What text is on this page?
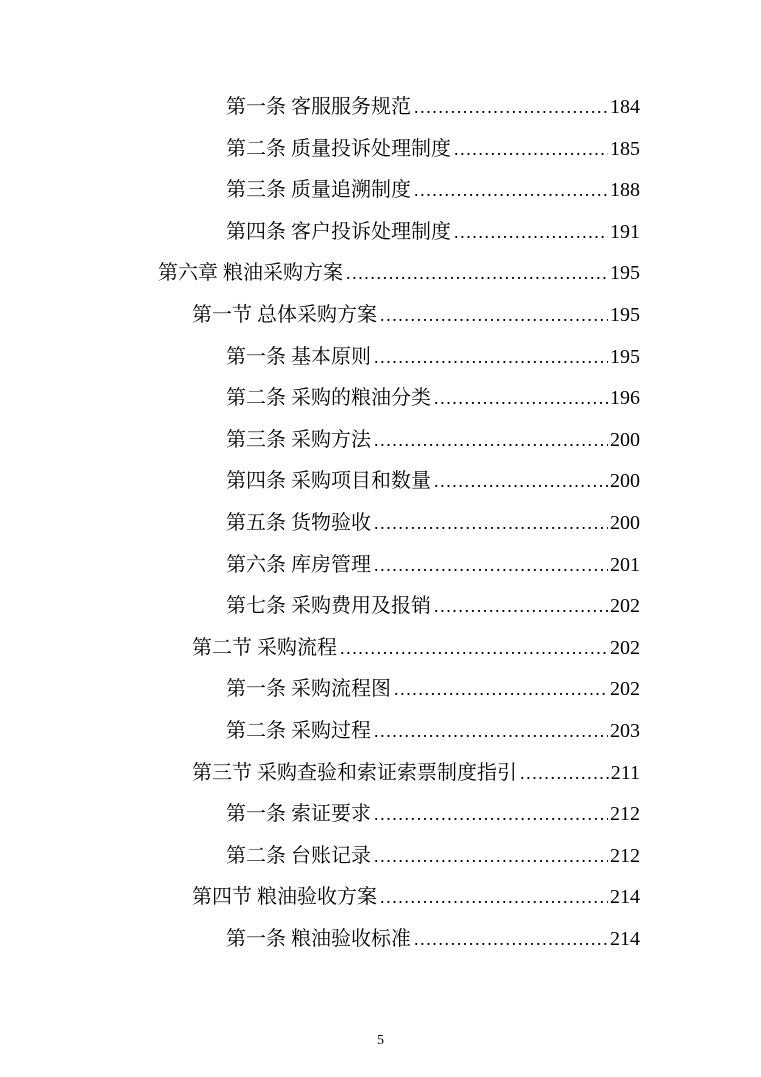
第一条 客服服务规范 .....	184
第二条 质量投诉处理制度 .....	185
第三条 质量追溯制度 .....	188
第四条 客户投诉处理制度 .....	191
第六章 粮油采购方案 .....	195
第一节 总体采购方案 .....	195
第一条 基本原则 .....	195
第二条 采购的粮油分类 .....	196
第三条 采购方法 .....	200
第四条 采购项目和数量 .....	200
第五条 货物验收 .....	200
第六条 库房管理 .....	201
第七条 采购费用及报销 .....	202
第二节 采购流程 .....	202
第一条 采购流程图 .....	202
第二条 采购过程 .....	203
第三节 采购查验和索证索票制度指引 .....	211
第一条 索证要求 .....	212
第二条 台账记录 .....	212
第四节 粮油验收方案 .....	214
第一条 粮油验收标准 .....	214
5
